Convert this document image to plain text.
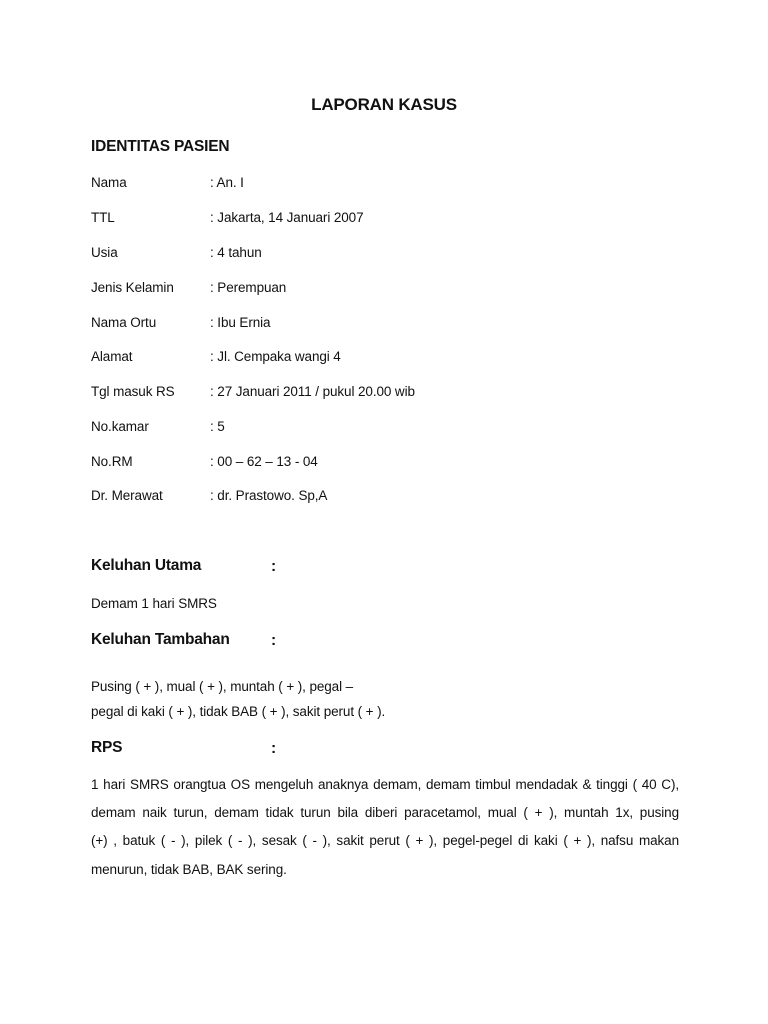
LAPORAN KASUS
IDENTITAS PASIEN
Nama	: An. I
TTL	: Jakarta, 14 Januari 2007
Usia	: 4 tahun
Jenis Kelamin	: Perempuan
Nama Ortu	: Ibu Ernia
Alamat	: Jl. Cempaka wangi 4
Tgl masuk RS	: 27 Januari 2011 / pukul 20.00 wib
No.kamar	: 5
No.RM	: 00 – 62 – 13 - 04
Dr. Merawat	: dr. Prastowo. Sp,A
Keluhan Utama	:
Demam 1 hari SMRS
Keluhan Tambahan	:
Pusing ( + ), mual ( + ), muntah ( + ), pegal –
pegal di kaki ( + ), tidak BAB ( + ), sakit perut ( + ).
RPS	:
1 hari SMRS orangtua OS mengeluh anaknya demam, demam timbul mendadak & tinggi ( 40 C),
demam naik turun, demam tidak turun bila diberi paracetamol, mual ( + ), muntah 1x, pusing
(+) , batuk ( - ), pilek ( - ), sesak ( - ), sakit perut ( + ), pegel-pegel di kaki ( + ), nafsu makan
menurun, tidak BAB, BAK sering.
